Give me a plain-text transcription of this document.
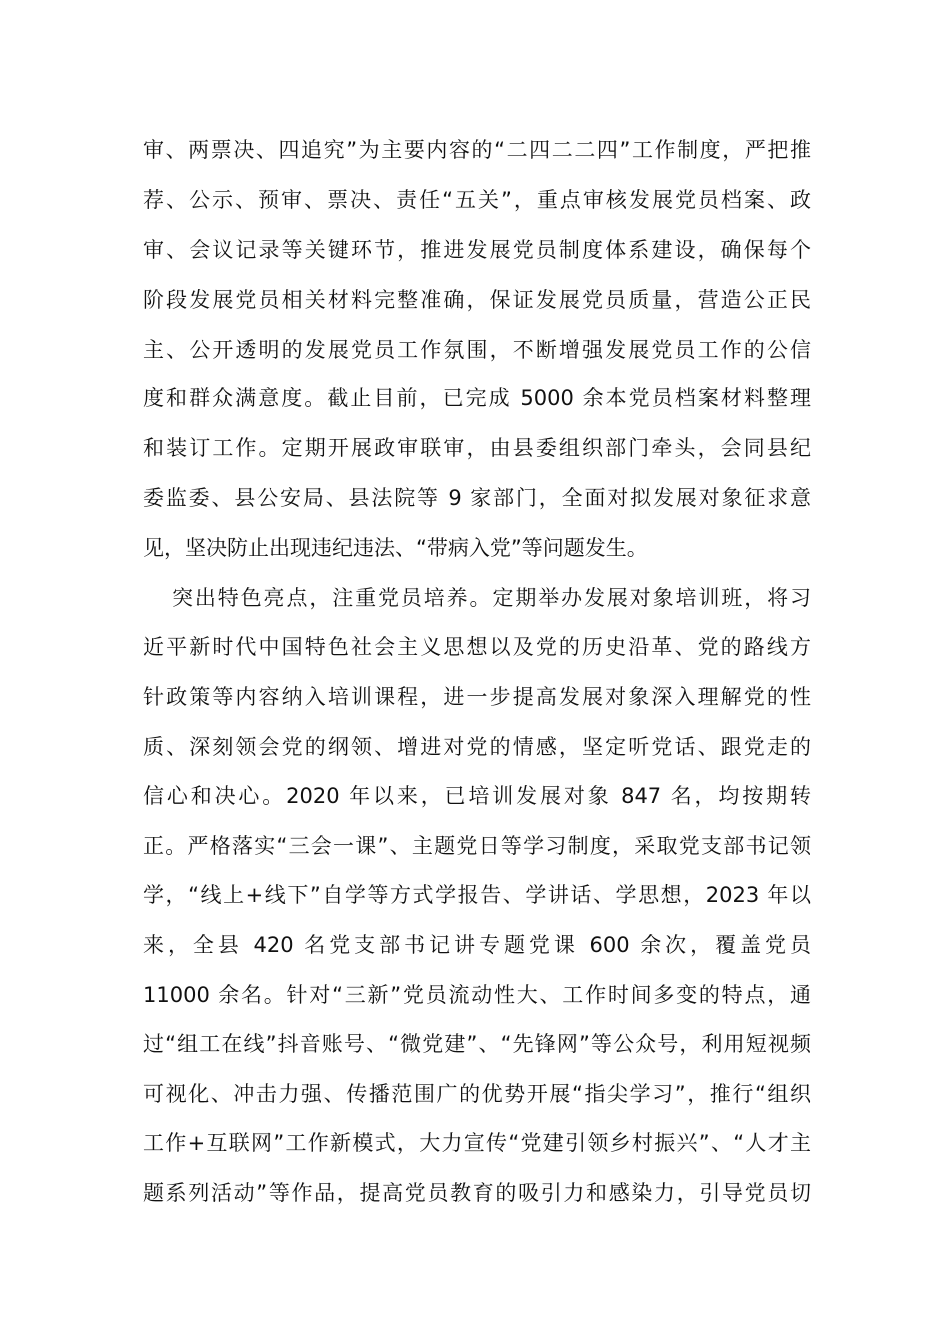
审、两票决、四追究”为主要内容的“二四二二四”工作制度，严把推
荐、公示、预审、票决、责任“五关”，重点审核发展党员档案、政
审、会议记录等关键环节，推进发展党员制度体系建设，确保每个
阶段发展党员相关材料完整准确，保证发展党员质量，营造公正民
主、公开透明的发展党员工作氛围，不断增强发展党员工作的公信
度和群众满意度。截止目前，已完成 5000 余本党员档案材料整理
和装订工作。定期开展政审联审，由县委组织部门牵头，会同县纪
委监委、县公安局、县法院等 9 家部门，全面对拟发展对象征求意
见，坚决防止出现违纪违法、“带病入党”等问题发生。
突出特色亮点，注重党员培养。定期举办发展对象培训班，将习
近平新时代中国特色社会主义思想以及党的历史沿革、党的路线方
针政策等内容纳入培训课程，进一步提高发展对象深入理解党的性
质、深刻领会党的纲领、增进对党的情感，坚定听党话、跟党走的
信心和决心。2020 年以来，已培训发展对象 847 名，均按期转
正。严格落实“三会一课”、主题党日等学习制度，采取党支部书记领
学，“线上+线下”自学等方式学报告、学讲话、学思想，2023 年以
来，全县 420 名党支部书记讲专题党课 600 余次，覆盖党员
11000 余名。针对“三新”党员流动性大、工作时间多变的特点，通
过“组工在线”抖音账号、“微党建”、“先锋网”等公众号，利用短视频
可视化、冲击力强、传播范围广的优势开展“指尖学习”，推行“组织
工作+互联网”工作新模式，大力宣传“党建引领乡村振兴”、“人才主
题系列活动”等作品，提高党员教育的吸引力和感染力，引导党员切
